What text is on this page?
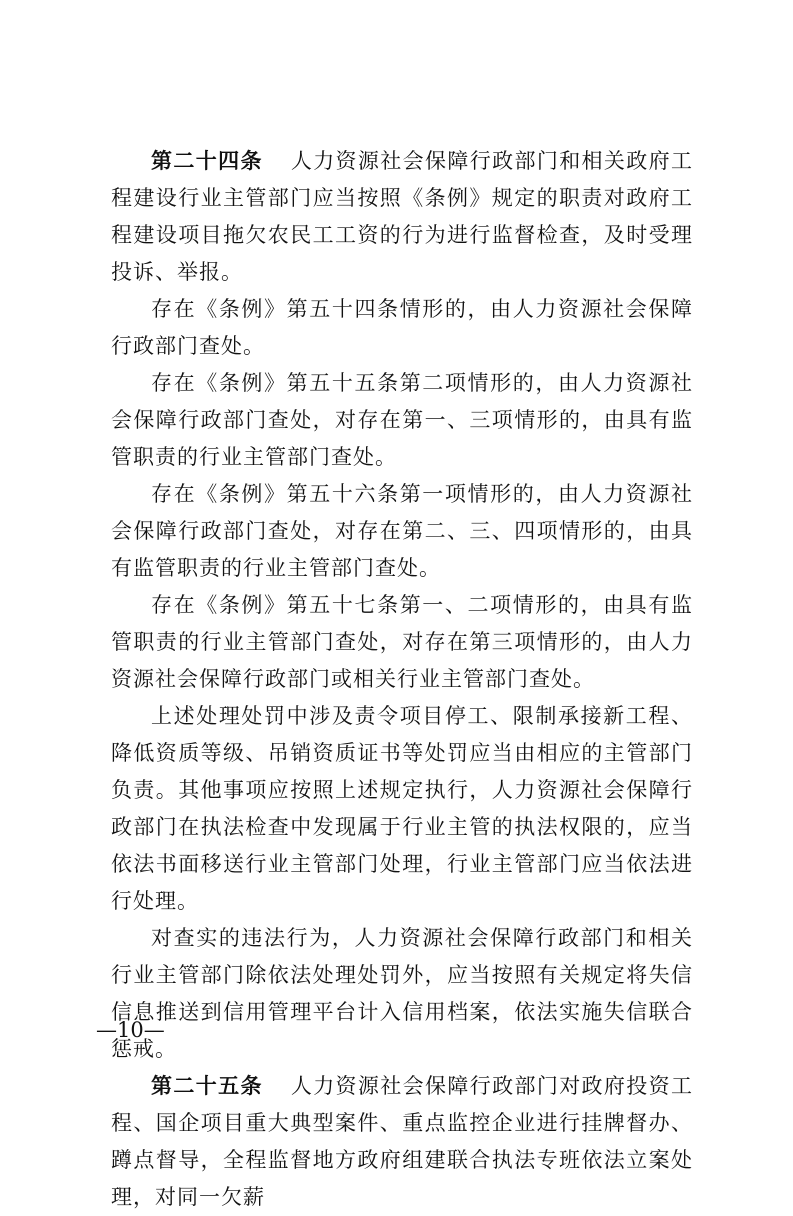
第二十四条 人力资源社会保障行政部门和相关政府工程建设行业主管部门应当按照《条例》规定的职责对政府工程建设项目拖欠农民工工资的行为进行监督检查，及时受理投诉、举报。

存在《条例》第五十四条情形的，由人力资源社会保障行政部门查处。

存在《条例》第五十五条第二项情形的，由人力资源社会保障行政部门查处，对存在第一、三项情形的，由具有监管职责的行业主管部门查处。

存在《条例》第五十六条第一项情形的，由人力资源社会保障行政部门查处，对存在第二、三、四项情形的，由具有监管职责的行业主管部门查处。

存在《条例》第五十七条第一、二项情形的，由具有监管职责的行业主管部门查处，对存在第三项情形的，由人力资源社会保障行政部门或相关行业主管部门查处。

上述处理处罚中涉及责令项目停工、限制承接新工程、降低资质等级、吊销资质证书等处罚应当由相应的主管部门负责。其他事项应按照上述规定执行，人力资源社会保障行政部门在执法检查中发现属于行业主管的执法权限的，应当依法书面移送行业主管部门处理，行业主管部门应当依法进行处理。

对查实的违法行为，人力资源社会保障行政部门和相关行业主管部门除依法处理处罚外，应当按照有关规定将失信信息推送到信用管理平台计入信用档案，依法实施失信联合惩戒。

第二十五条 人力资源社会保障行政部门对政府投资工程、国企项目重大典型案件、重点监控企业进行挂牌督办、蹲点督导，全程监督地方政府组建联合执法专班依法立案处理，对同一欠薪

—10—
